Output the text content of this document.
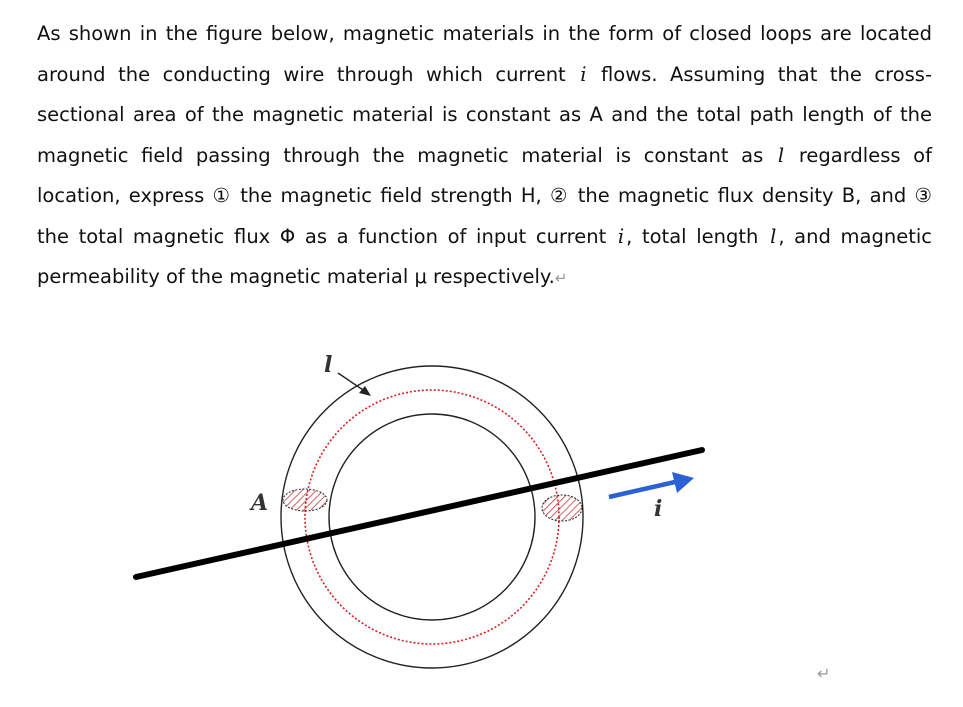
As shown in the figure below, magnetic materials in the form of closed loops are located around the conducting wire through which current i flows. Assuming that the cross-sectional area of the magnetic material is constant as A and the total path length of the magnetic field passing through the magnetic material is constant as l regardless of location, express ① the magnetic field strength H, ② the magnetic flux density B, and ③ the total magnetic flux Φ as a function of input current i , total length l , and magnetic permeability of the magnetic material μ respectively.↵

l
A	i
↵
